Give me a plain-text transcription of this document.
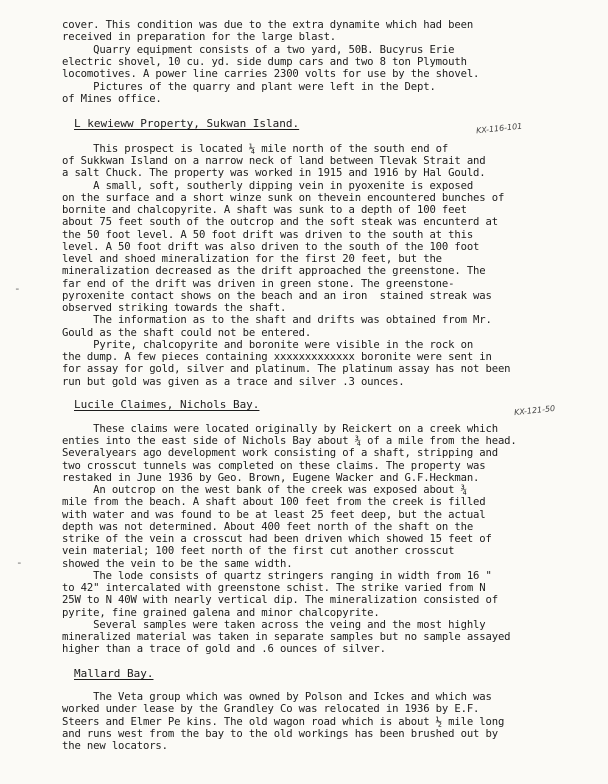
cover. This condition was due to the extra dynamite which had been
received in preparation for the large blast.
Quarry equipment consists of a two yard, 50B. Bucyrus Erie
electric shovel, 10 cu. yd. side dump cars and two 8 ton Plymouth
locomotives. A power line carries 2300 volts for use by the shovel.
Pictures of the quarry and plant were left in the Dept.
of Mines office.
L kewieww Property, Sukwan Island.	KX-116-101
This prospect is located ¼ mile north of the south end of
of Sukkwan Island on a narrow neck of land between Tlevak Strait and
a salt Chuck. The property was worked in 1915 and 1916 by Hal Gould.
A small, soft, southerly dipping vein in pyoxenite is exposed
on the surface and a short winze sunk on thevein encountered bunches of
bornite and chalcopyrite. A shaft was sunk to a depth of 100 feet
about 75 feet south of the outcrop and the soft steak was encunterd at
the 50 foot level. A 50 foot drift was driven to the south at this
level. A 50 foot drift was also driven to the south of the 100 foot
level and shoed mineralization for the first 20 feet, but the
mineralization decreased as the drift approached the greenstone. The
far end of the drift was driven in green stone. The greenstone-
pyroxenite contact shows on the beach and an iron  stained streak was
observed striking towards the shaft.
The information as to the shaft and drifts was obtained from Mr.
Gould as the shaft could not be entered.
Pyrite, chalcopyrite and boronite were visible in the rock on
the dump. A few pieces containing xxxxxxxxxxxxx boronite were sent in
for assay for gold, silver and platinum. The platinum assay has not been
run but gold was given as a trace and silver .3 ounces.
Lucile Claimes, Nichols Bay.	KX-121-50
These claims were located originally by Reickert on a creek which
enties into the east side of Nichols Bay about ¾ of a mile from the head.
Severalyears ago development work consisting of a shaft, stripping and
two crosscut tunnels was completed on these claims. The property was
restaked in June 1936 by Geo. Brown, Eugene Wacker and G.F.Heckman.
An outcrop on the west bank of the creek was exposed about ¾
mile from the beach. A shaft about 100 feet from the creek is filled
with water and was found to be at least 25 feet deep, but the actual
depth was not determined. About 400 feet north of the shaft on the
strike of the vein a crosscut had been driven which showed 15 feet of
vein material; 100 feet north of the first cut another crosscut
showed the vein to be the same width.
The lode consists of quartz stringers ranging in width from 16 "
to 42" intercalated with greenstone schist. The strike varied from N
25W to N 40W with nearly vertical dip. The mineralization consisted of
pyrite, fine grained galena and minor chalcopyrite.
Several samples were taken across the veing and the most highly
mineralized material was taken in separate samples but no sample assayed
higher than a trace of gold and .6 ounces of silver.
Mallard Bay.
The Veta group which was owned by Polson and Ickes and which was
worked under lease by the Grandley Co was relocated in 1936 by E.F.
Steers and Elmer Pe kins. The old wagon road which is about ½ mile long
and runs west from the bay to the old workings has been brushed out by
the new locators.
-
-
